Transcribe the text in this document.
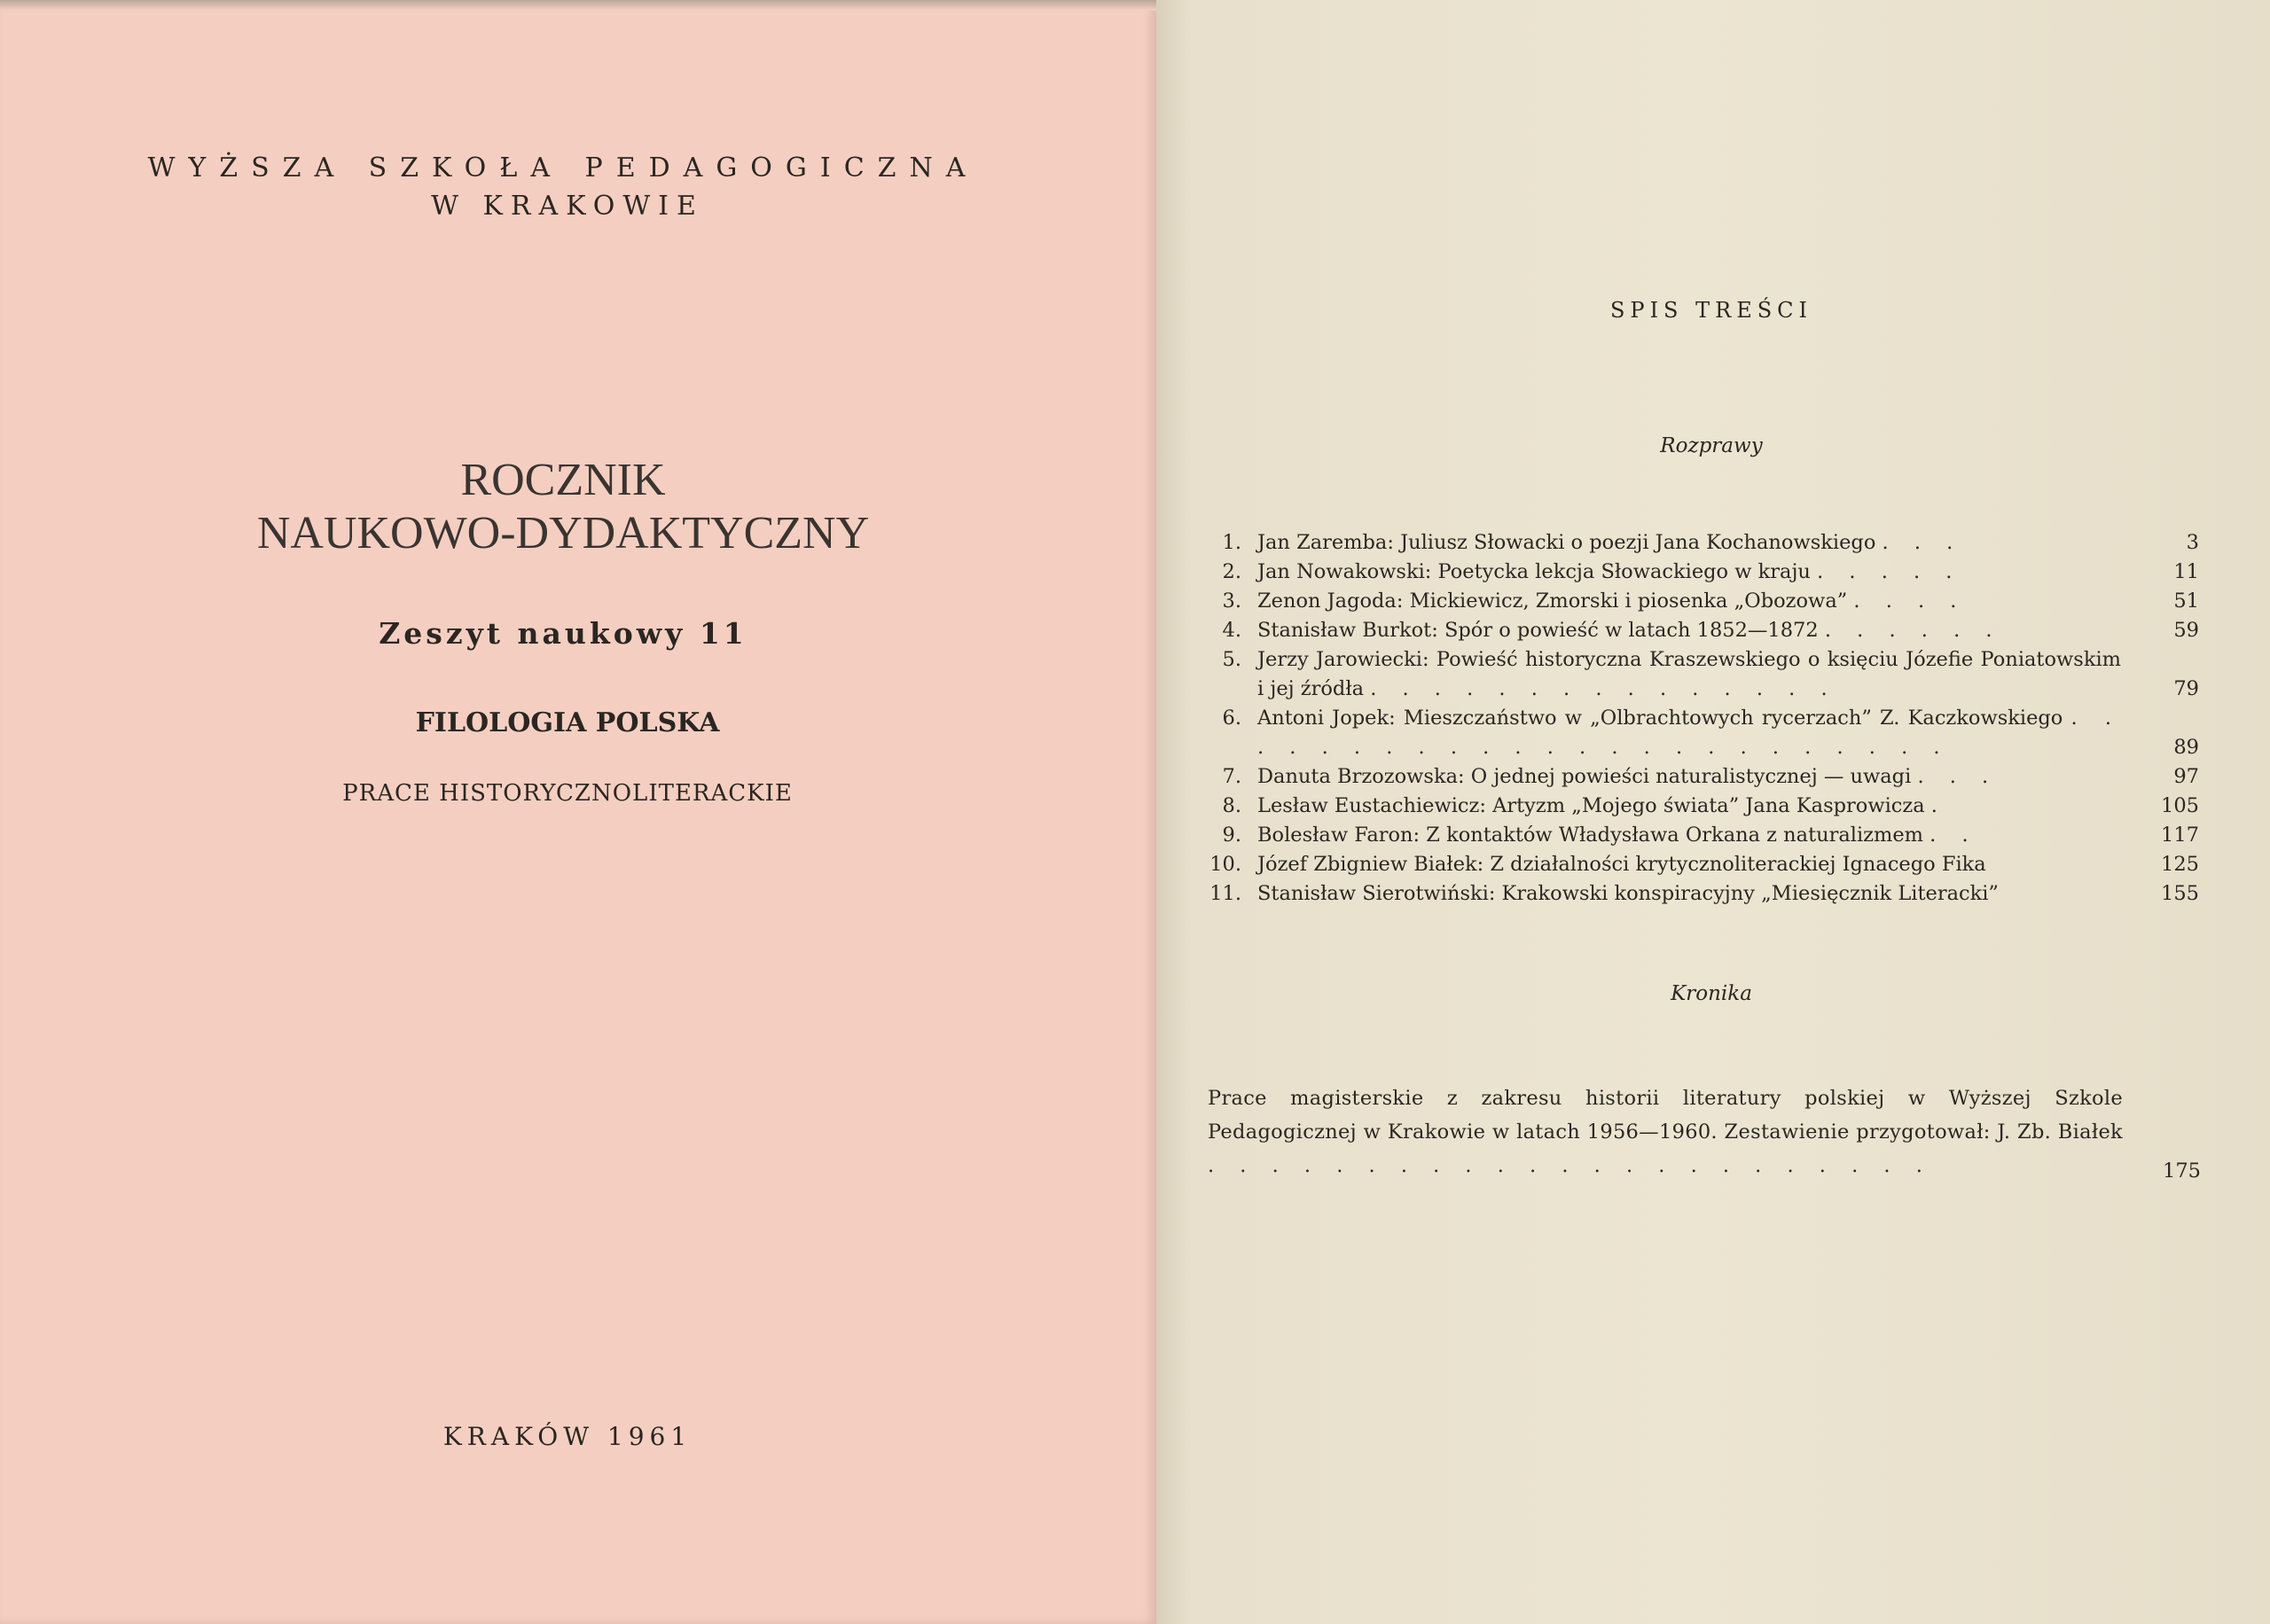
WYŻSZA SZKOŁA PEDAGOGICZNA
W KRAKOWIE
ROCZNIK
NAUKOWO-DYDAKTYCZNY
Zeszyt naukowy 11
FILOLOGIA POLSKA
PRACE HISTORYCZNOLITERACKIE
KRAKÓW 1961
SPIS TREŚCI
Rozprawy
1. Jan Zaremba: Juliusz Słowacki o poezji Jana Kochanowskiego . . .	3
2. Jan Nowakowski: Poetycka lekcja Słowackiego w kraju . . . . .	11
3. Zenon Jagoda: Mickiewicz, Zmorski i piosenka „Obozowa” . . . .	51
4. Stanisław Burkot: Spór o powieść w latach 1852—1872 . . . . . .	59
5. Jerzy Jarowiecki: Powieść historyczna Kraszewskiego o księciu Józefie Poniatowskim i jej źródła . . . . . . . . . . . . . . .	79
6. Antoni Jopek: Mieszczaństwo w „Olbrachtowych rycerzach” Z. Kaczkowskiego . . . . . . . . . . . . . . . . . . . . . . . .	89
7. Danuta Brzozowska: O jednej powieści naturalistycznej — uwagi . . .	97
8. Lesław Eustachiewicz: Artyzm „Mojego świata” Jana Kasprowicza .	105
9. Bolesław Faron: Z kontaktów Władysława Orkana z naturalizmem . .	117
10. Józef Zbigniew Białek: Z działalności krytycznoliterackiej Ignacego Fika	125
11. Stanisław Sierotwiński: Krakowski konspiracyjny „Miesięcznik Literacki”	155
Kronika
Prace magisterskie z zakresu historii literatury polskiej w Wyższej Szkole Pedagogicznej w Krakowie w latach 1956—1960. Zestawienie przygotował: J. Zb. Białek . . . . . . . . . . . . . . . . . . . . . . .	175
